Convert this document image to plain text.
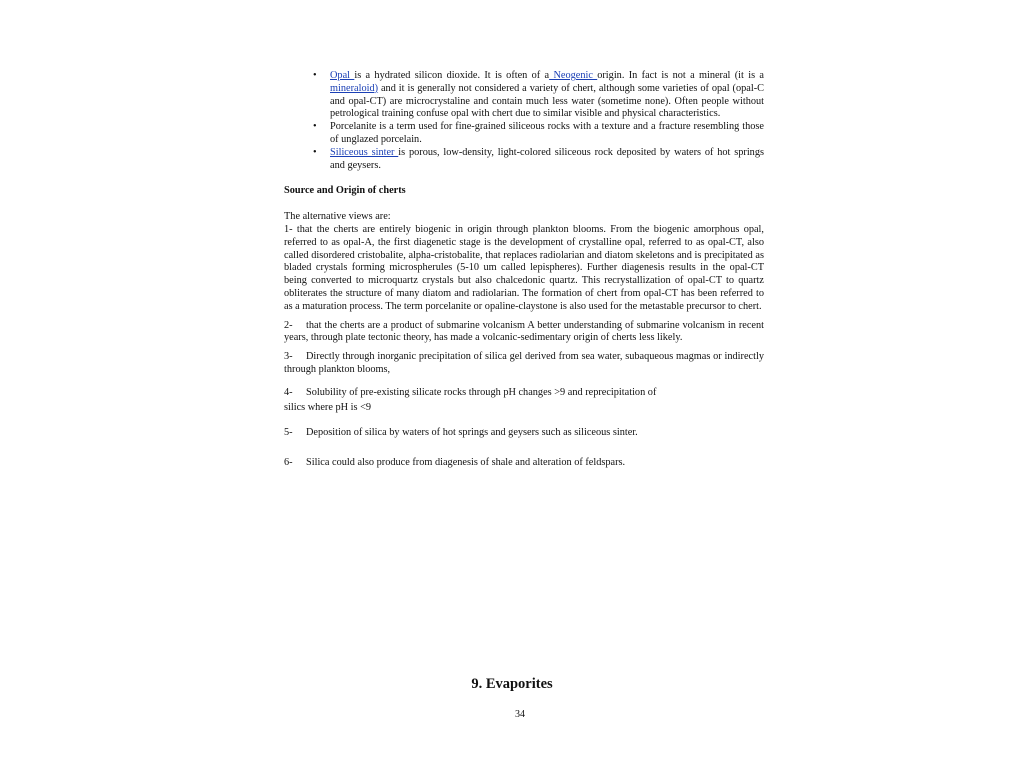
• Opal is a hydrated silicon dioxide. It is often of a Neogenic origin. In fact is not a mineral (it is a mineraloid) and it is generally not considered a variety of chert, although some varieties of opal (opal-C and opal-CT) are microcrystaline and contain much less water (sometime none). Often people without petrological training confuse opal with chert due to similar visible and physical characteristics.
• Porcelanite is a term used for fine-grained siliceous rocks with a texture and a fracture resembling those of unglazed porcelain.
• Siliceous sinter is porous, low-density, light-colored siliceous rock deposited by waters of hot springs and geysers.
Source and Origin of cherts
The alternative views are:
1- that the cherts are entirely biogenic in origin through plankton blooms. From the biogenic amorphous opal, referred to as opal-A, the first diagenetic stage is the development of crystalline opal, referred to as opal-CT, also called disordered cristobalite, alpha-cristobalite, that replaces radiolarian and diatom skeletons and is precipitated as bladed crystals forming microspherules (5-10 um called lepispheres). Further diagenesis results in the opal-CT being converted to microquartz crystals but also chalcedonic quartz. This recrystallization of opal-CT to quartz obliterates the structure of many diatom and radiolarian. The formation of chert from opal-CT has been referred to as a maturation process. The term porcelanite or opaline-claystone is also used for the metastable precursor to chert.
2- that the cherts are a product of submarine volcanism A better understanding of submarine volcanism in recent years, through plate tectonic theory, has made a volcanic-sedimentary origin of cherts less likely.
3- Directly through inorganic precipitation of silica gel derived from sea water, subaqueous magmas or indirectly through plankton blooms,
4- Solubility of pre-existing silicate rocks through pH changes >9 and reprecipitation of
silics where pH is <9
5- Deposition of silica by waters of hot springs and geysers such as siliceous sinter.
6- Silica could also produce from diagenesis of shale and alteration of feldspars.
9. Evaporites
34
